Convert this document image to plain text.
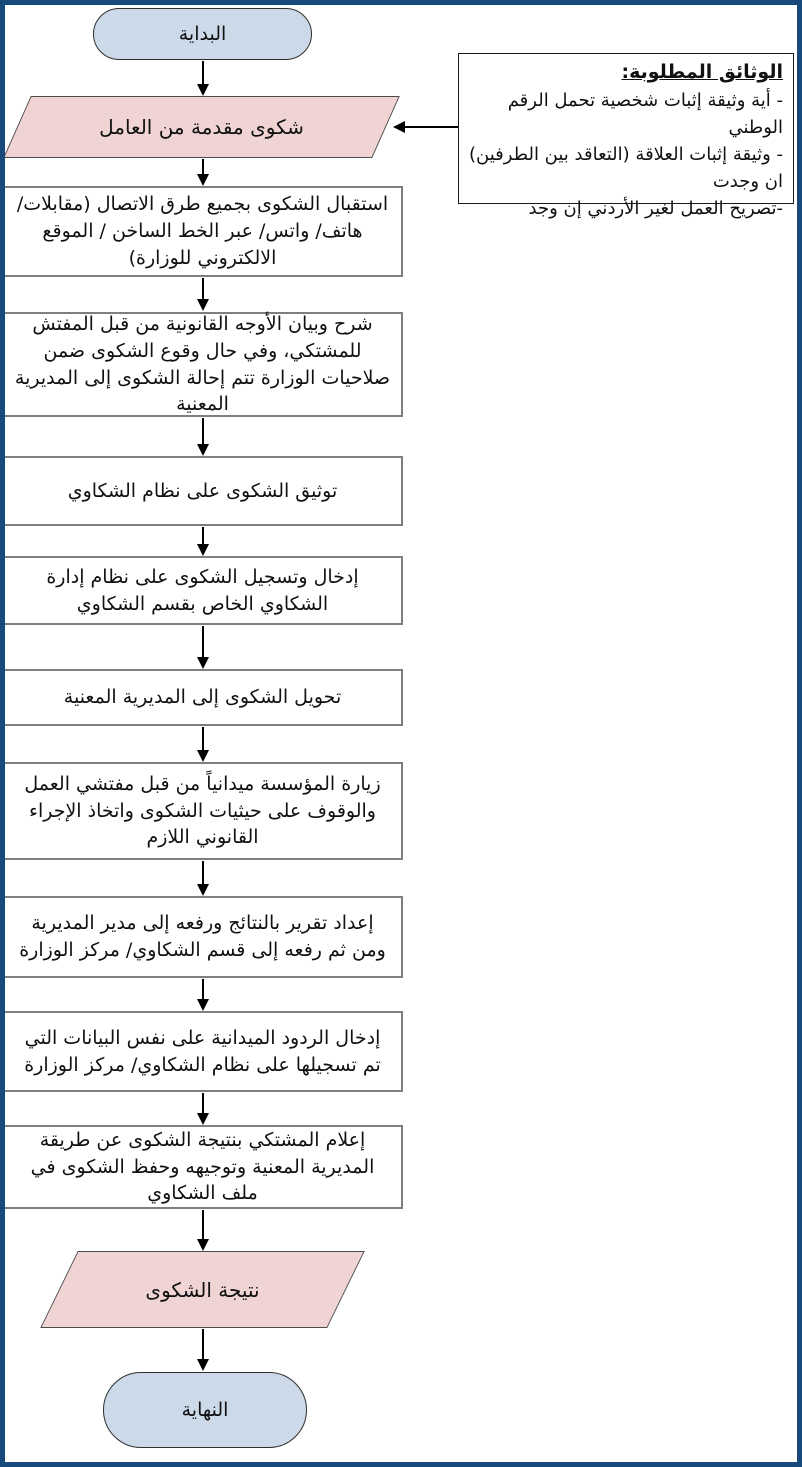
البداية
شكوى مقدمة من العامل
الوثائق المطلوبة:
- أية وثيقة إثبات شخصية تحمل الرقم الوطني
- وثيقة إثبات العلاقة (التعاقد بين الطرفين) ان وجدت
-تصريح العمل لغير الأردني إن وجد
استقبال الشكوى بجميع طرق الاتصال (مقابلات/ هاتف/ واتس/ عبر الخط الساخن / الموقع الالكتروني للوزارة)
شرح وبيان الأوجه القانونية من قبل المفتش للمشتكي، وفي حال وقوع الشكوى ضمن صلاحيات الوزارة تتم إحالة الشكوى إلى المديرية المعنية
توثيق الشكوى على نظام الشكاوي
إدخال وتسجيل الشكوى على نظام إدارة الشكاوي الخاص بقسم الشكاوي
تحويل الشكوى إلى المديرية المعنية
زيارة المؤسسة ميدانياً من قبل مفتشي العمل والوقوف على حيثيات الشكوى واتخاذ الإجراء القانوني اللازم
إعداد تقرير بالنتائج ورفعه إلى مدير المديرية ومن ثم رفعه إلى قسم الشكاوي/ مركز الوزارة
إدخال الردود الميدانية على نفس البيانات التي تم تسجيلها على نظام الشكاوي/ مركز الوزارة
إعلام المشتكي بنتيجة الشكوى عن طريقة المديرية المعنية وتوجيهه وحفظ الشكوى في ملف الشكاوي
نتيجة الشكوى
النهاية
